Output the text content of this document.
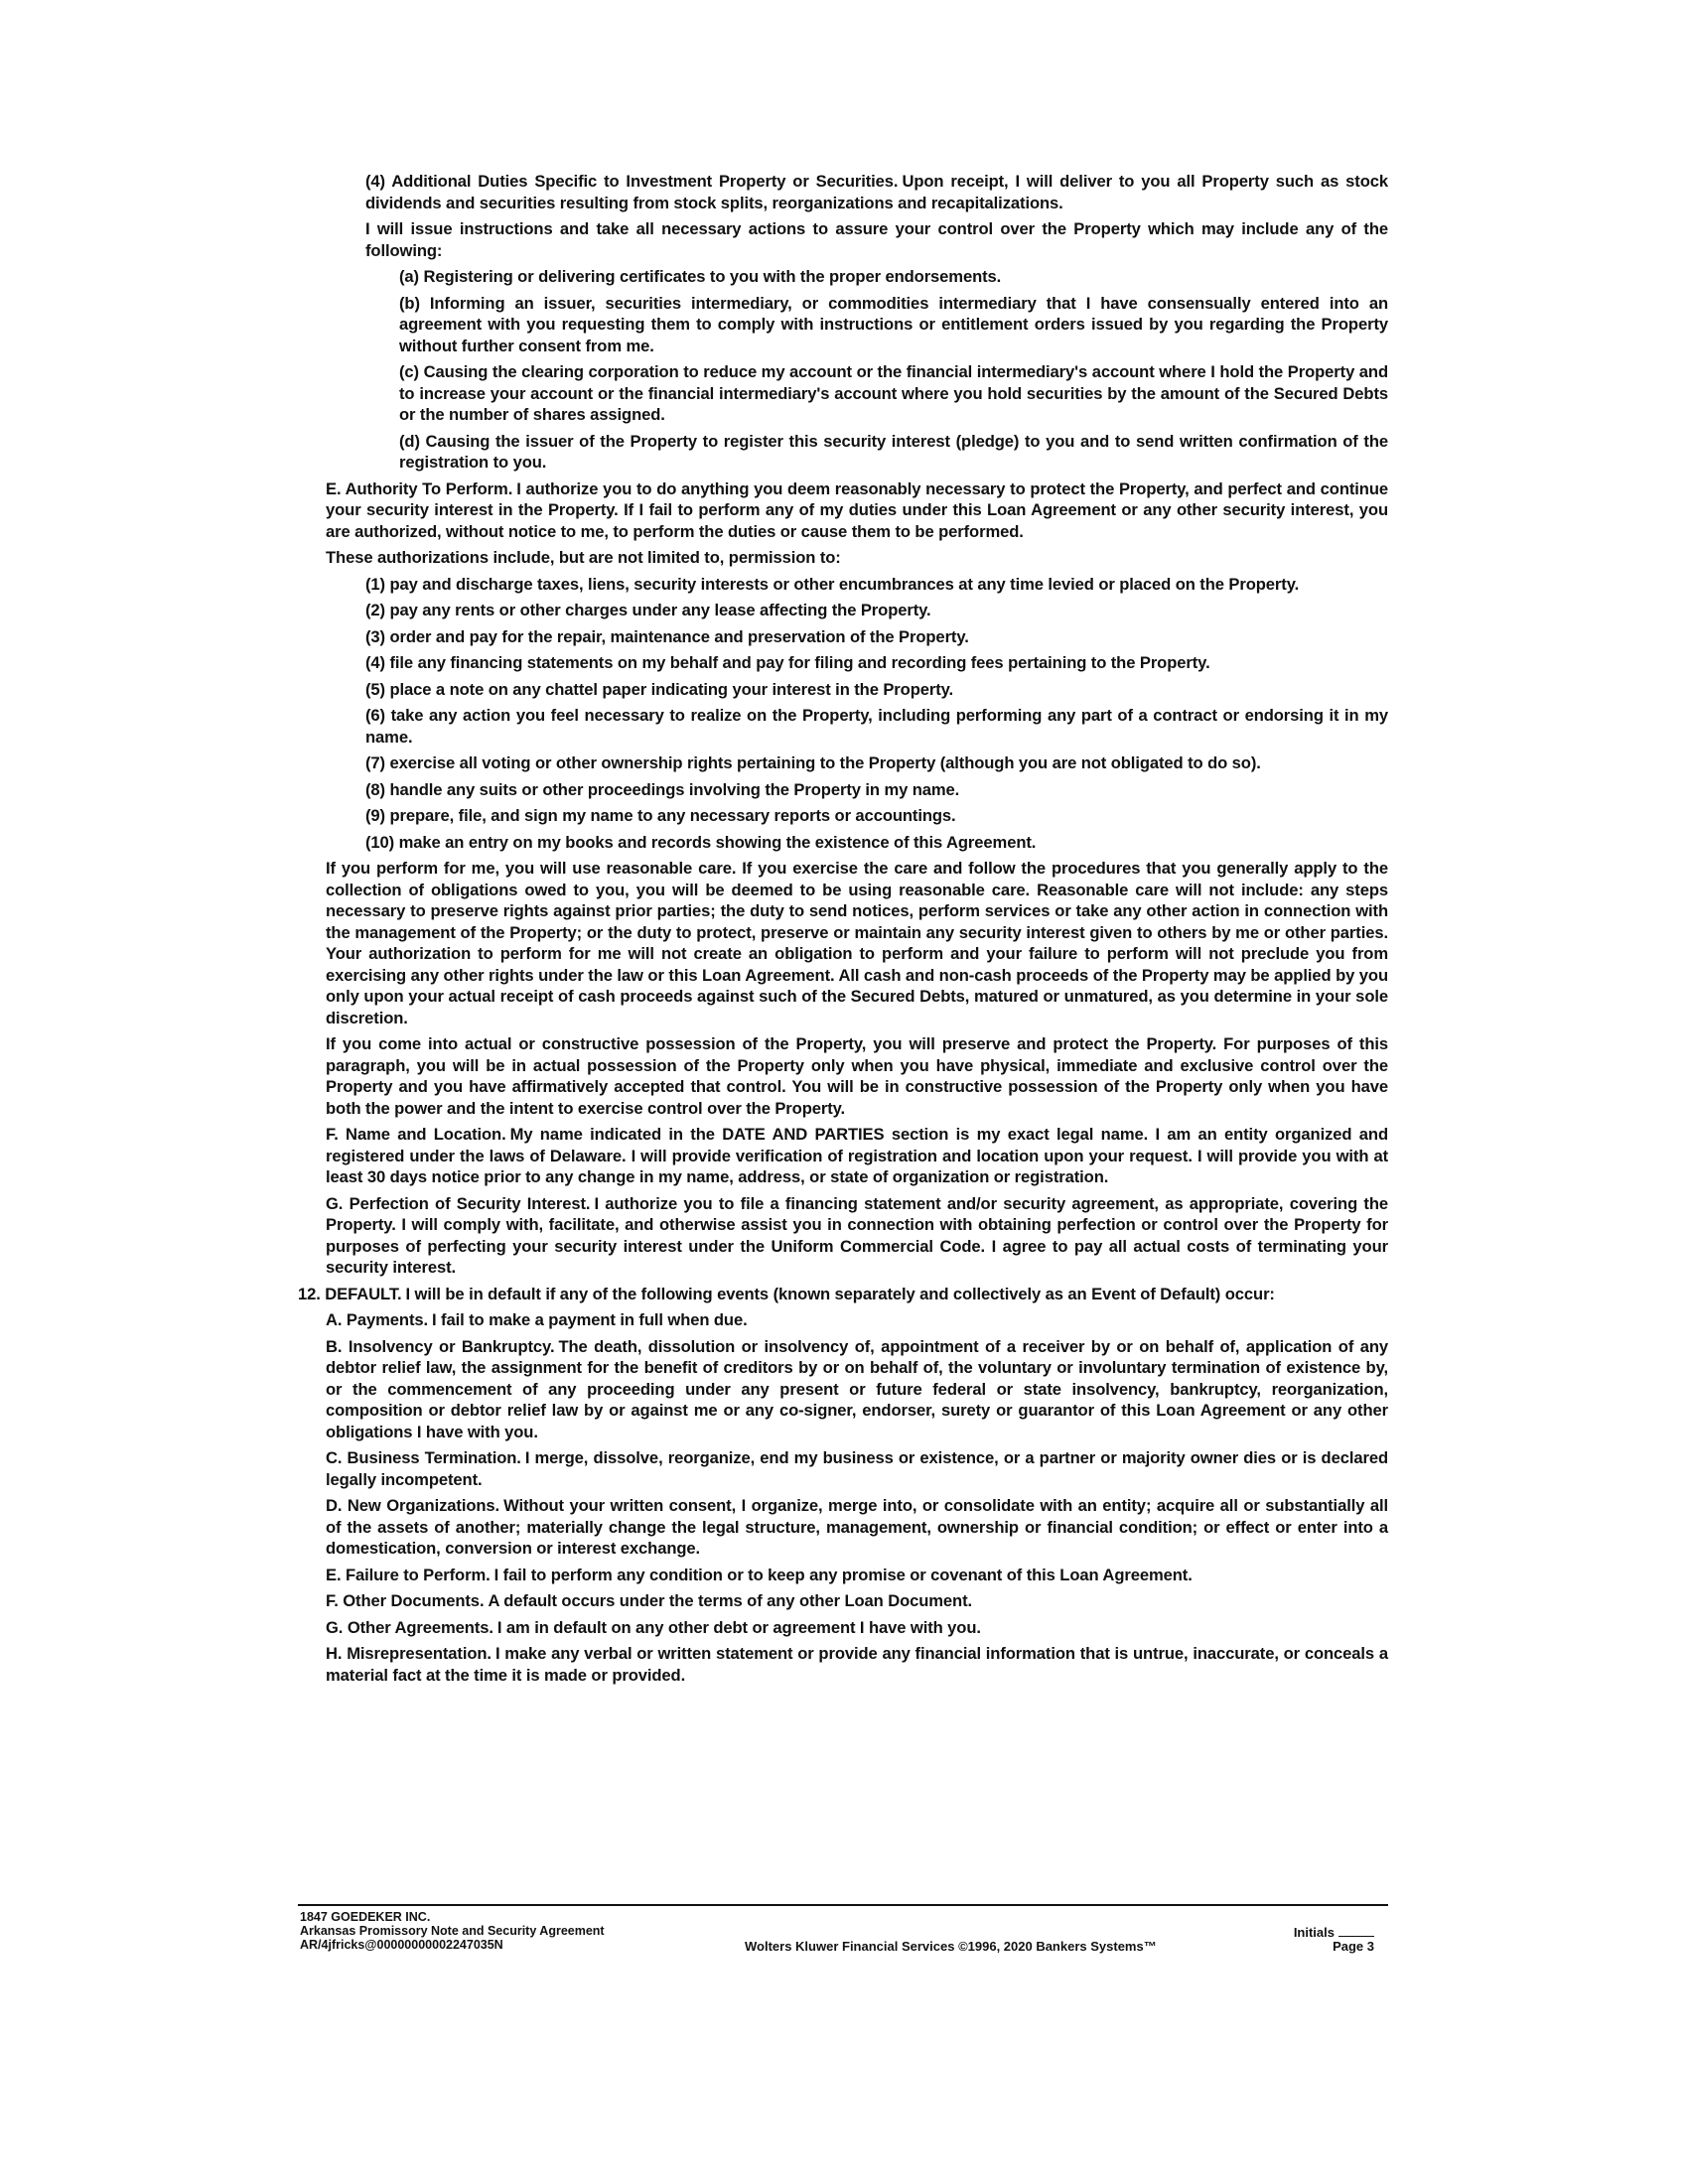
(4) Additional Duties Specific to Investment Property or Securities. Upon receipt, I will deliver to you all Property such as stock dividends and securities resulting from stock splits, reorganizations and recapitalizations.

I will issue instructions and take all necessary actions to assure your control over the Property which may include any of the following:

(a) Registering or delivering certificates to you with the proper endorsements.

(b) Informing an issuer, securities intermediary, or commodities intermediary that I have consensually entered into an agreement with you requesting them to comply with instructions or entitlement orders issued by you regarding the Property without further consent from me.

(c) Causing the clearing corporation to reduce my account or the financial intermediary's account where I hold the Property and to increase your account or the financial intermediary's account where you hold securities by the amount of the Secured Debts or the number of shares assigned.

(d) Causing the issuer of the Property to register this security interest (pledge) to you and to send written confirmation of the registration to you.

E. Authority To Perform. I authorize you to do anything you deem reasonably necessary to protect the Property, and perfect and continue your security interest in the Property. If I fail to perform any of my duties under this Loan Agreement or any other security interest, you are authorized, without notice to me, to perform the duties or cause them to be performed.

These authorizations include, but are not limited to, permission to:

(1) pay and discharge taxes, liens, security interests or other encumbrances at any time levied or placed on the Property.

(2) pay any rents or other charges under any lease affecting the Property.

(3) order and pay for the repair, maintenance and preservation of the Property.

(4) file any financing statements on my behalf and pay for filing and recording fees pertaining to the Property.

(5) place a note on any chattel paper indicating your interest in the Property.

(6) take any action you feel necessary to realize on the Property, including performing any part of a contract or endorsing it in my name.

(7) exercise all voting or other ownership rights pertaining to the Property (although you are not obligated to do so).

(8) handle any suits or other proceedings involving the Property in my name.

(9) prepare, file, and sign my name to any necessary reports or accountings.

(10) make an entry on my books and records showing the existence of this Agreement.

If you perform for me, you will use reasonable care. If you exercise the care and follow the procedures that you generally apply to the collection of obligations owed to you, you will be deemed to be using reasonable care. Reasonable care will not include: any steps necessary to preserve rights against prior parties; the duty to send notices, perform services or take any other action in connection with the management of the Property; or the duty to protect, preserve or maintain any security interest given to others by me or other parties. Your authorization to perform for me will not create an obligation to perform and your failure to perform will not preclude you from exercising any other rights under the law or this Loan Agreement. All cash and non-cash proceeds of the Property may be applied by you only upon your actual receipt of cash proceeds against such of the Secured Debts, matured or unmatured, as you determine in your sole discretion.

If you come into actual or constructive possession of the Property, you will preserve and protect the Property. For purposes of this paragraph, you will be in actual possession of the Property only when you have physical, immediate and exclusive control over the Property and you have affirmatively accepted that control. You will be in constructive possession of the Property only when you have both the power and the intent to exercise control over the Property.

F. Name and Location. My name indicated in the DATE AND PARTIES section is my exact legal name. I am an entity organized and registered under the laws of Delaware. I will provide verification of registration and location upon your request. I will provide you with at least 30 days notice prior to any change in my name, address, or state of organization or registration.

G. Perfection of Security Interest. I authorize you to file a financing statement and/or security agreement, as appropriate, covering the Property. I will comply with, facilitate, and otherwise assist you in connection with obtaining perfection or control over the Property for purposes of perfecting your security interest under the Uniform Commercial Code. I agree to pay all actual costs of terminating your security interest.

12. DEFAULT. I will be in default if any of the following events (known separately and collectively as an Event of Default) occur:

A. Payments. I fail to make a payment in full when due.

B. Insolvency or Bankruptcy. The death, dissolution or insolvency of, appointment of a receiver by or on behalf of, application of any debtor relief law, the assignment for the benefit of creditors by or on behalf of, the voluntary or involuntary termination of existence by, or the commencement of any proceeding under any present or future federal or state insolvency, bankruptcy, reorganization, composition or debtor relief law by or against me or any co-signer, endorser, surety or guarantor of this Loan Agreement or any other obligations I have with you.

C. Business Termination. I merge, dissolve, reorganize, end my business or existence, or a partner or majority owner dies or is declared legally incompetent.

D. New Organizations. Without your written consent, I organize, merge into, or consolidate with an entity; acquire all or substantially all of the assets of another; materially change the legal structure, management, ownership or financial condition; or effect or enter into a domestication, conversion or interest exchange.

E. Failure to Perform. I fail to perform any condition or to keep any promise or covenant of this Loan Agreement.

F. Other Documents. A default occurs under the terms of any other Loan Document.

G. Other Agreements. I am in default on any other debt or agreement I have with you.

H. Misrepresentation. I make any verbal or written statement or provide any financial information that is untrue, inaccurate, or conceals a material fact at the time it is made or provided.

1847 GOEDEKER INC.
Arkansas Promissory Note and Security Agreement
AR/4jfricks@00000000002247035N	Wolters Kluwer Financial Services ©1996, 2020 Bankers Systems™
Initials
Page 3
